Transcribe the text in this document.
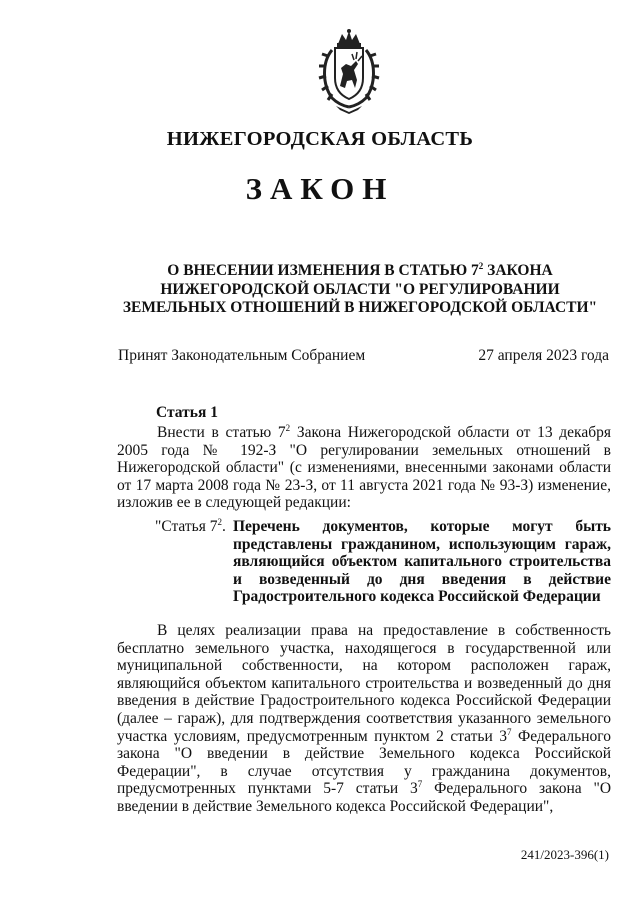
НИЖЕГОРОДСКАЯ ОБЛАСТЬ
ЗАКОН
О ВНЕСЕНИИ ИЗМЕНЕНИЯ В СТАТЬЮ $7^2$ ЗАКОНА
НИЖЕГОРОДСКОЙ ОБЛАСТИ "О РЕГУЛИРОВАНИИ
ЗЕМЕЛЬНЫХ ОТНОШЕНИЙ В НИЖЕГОРОДСКОЙ ОБЛАСТИ"
Принят Законодательным Собранием	27 апреля 2023 года
Статья 1
Внести в статью $7^2$ Закона Нижегородской области от 13 декабря 2005 года № 192-З "О регулировании земельных отношений в Нижегородской области" (с изменениями, внесенными законами области от 17 марта 2008 года № 23-З, от 11 августа 2021 года № 93-З) изменение, изложив ее в следующей редакции:
"Статья $7^2$. Перечень документов, которые могут быть представлены гражданином, использующим гараж, являющийся объектом капитального строительства и возведенный до дня введения в действие Градостроительного кодекса Российской Федерации
В целях реализации права на предоставление в собственность бесплатно земельного участка, находящегося в государственной или муниципальной собственности, на котором расположен гараж, являющийся объектом капитального строительства и возведенный до дня введения в действие Градостроительного кодекса Российской Федерации (далее – гараж), для подтверждения соответствия указанного земельного участка условиям, предусмотренным пунктом 2 статьи $3^7$ Федерального закона "О введении в действие Земельного кодекса Российской Федерации", в случае отсутствия у гражданина документов, предусмотренных пунктами 5-7 статьи $3^7$ Федерального закона "О введении в действие Земельного кодекса Российской Федерации",
241/2023-396(1)
